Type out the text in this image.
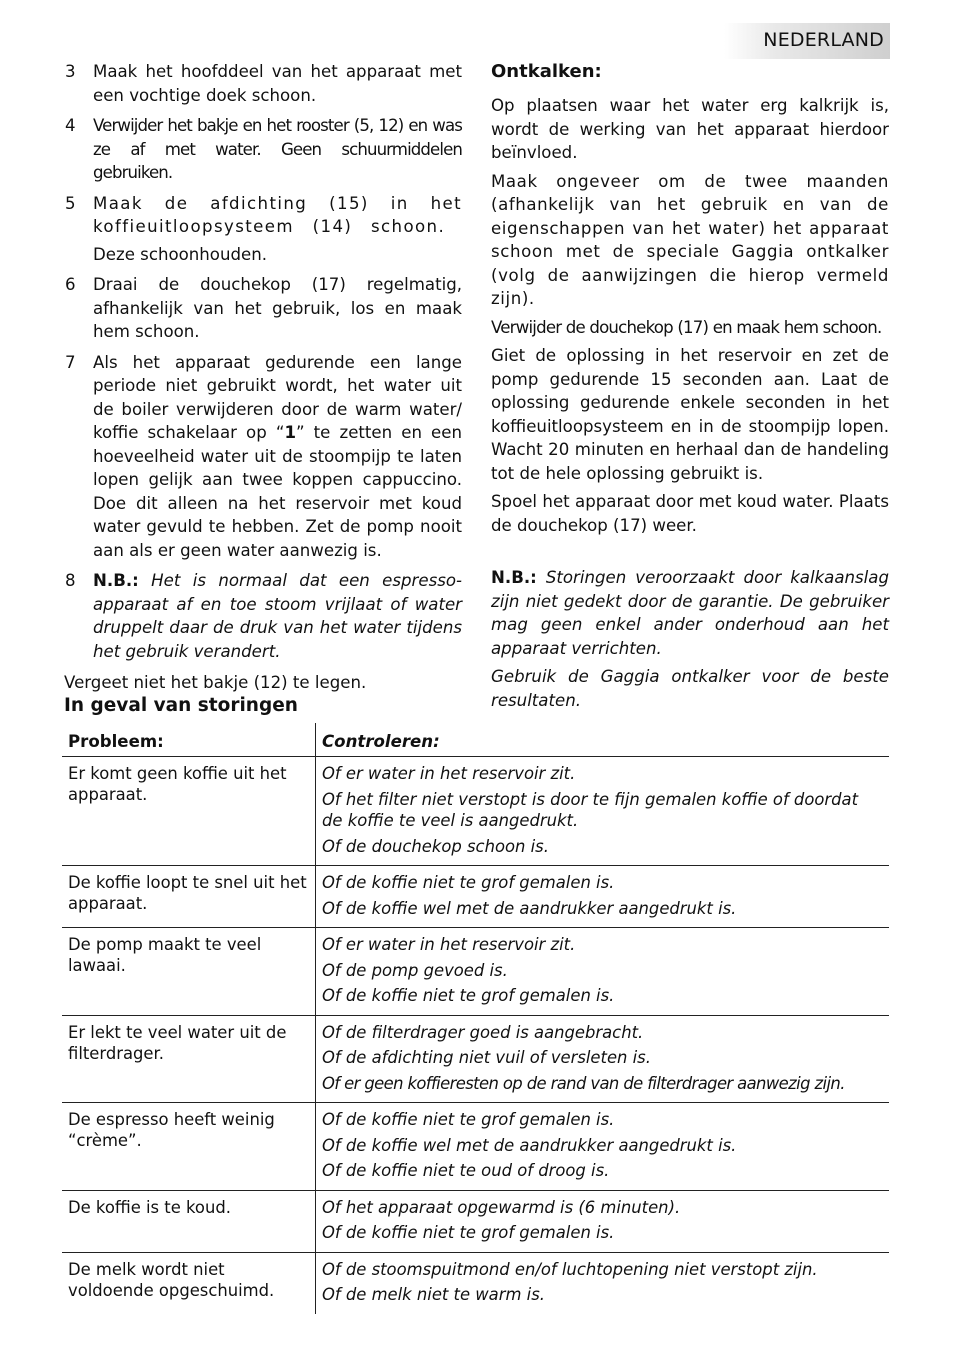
NEDERLAND
3 Maak het hoofddeel van het apparaat met een vochtige doek schoon.
4 Verwijder het bakje en het rooster (5, 12) en was ze af met water. Geen schuurmiddelen gebruiken.
5 Maak de afdichting (15) in het koffieuitloopsysteem (14) schoon.
Deze schoonhouden.
6 Draai de douchekop (17) regelmatig, afhankelijk van het gebruik, los en maak hem schoon.
7 Als het apparaat gedurende een lange periode niet gebruikt wordt, het water uit de boiler verwijderen door de warm water/ koffie schakelaar op “1” te zetten en een hoeveelheid water uit de stoompijp te laten lopen gelijk aan twee koppen cappuccino. Doe dit alleen na het reservoir met koud water gevuld te hebben. Zet de pomp nooit aan als er geen water aanwezig is.
8 N.B.: Het is normaal dat een espresso-apparaat af en toe stoom vrijlaat of water druppelt daar de druk van het water tijdens het gebruik verandert.
Vergeet niet het bakje (12) te legen.
Ontkalken:

Op plaatsen waar het water erg kalkrijk is, wordt de werking van het apparaat hierdoor beïnvloed.

Maak ongeveer om de twee maanden (afhankelijk van het gebruik en van de eigenschappen van het water) het apparaat schoon met de speciale Gaggia ontkalker (volg de aanwijzingen die hierop vermeld zijn).

Verwijder de douchekop (17) en maak hem schoon.

Giet de oplossing in het reservoir en zet de pomp gedurende 15 seconden aan. Laat de oplossing gedurende enkele seconden in het koffieuitloopsysteem en in de stoompijp lopen. Wacht 20 minuten en herhaal dan de handeling tot de hele oplossing gebruikt is.

Spoel het apparaat door met koud water. Plaats de douchekop (17) weer.

N.B.: Storingen veroorzaakt door kalkaanslag zijn niet gedekt door de garantie. De gebruiker mag geen enkel ander onderhoud aan het apparaat verrichten.

Gebruik de Gaggia ontkalker voor de beste resultaten.

In geval van storingen
Probleem:	Controleren:

Er komt geen koffie uit het apparaat.	Of er water in het reservoir zit.
Of het filter niet verstopt is door te fijn gemalen koffie of doordat de koffie te veel is aangedrukt.
Of de douchekop schoon is.

De koffie loopt te snel uit het apparaat.	Of de koffie niet te grof gemalen is.
Of de koffie wel met de aandrukker aangedrukt is.

De pomp maakt te veel lawaai.	Of er water in het reservoir zit.
Of de pomp gevoed is.
Of de koffie niet te grof gemalen is.

Er lekt te veel water uit de filterdrager.	Of de filterdrager goed is aangebracht.
Of de afdichting niet vuil of versleten is.
Of er geen koffieresten op de rand van de filterdrager aanwezig zijn.

De espresso heeft weinig “crème”.	Of de koffie niet te grof gemalen is.
Of de koffie wel met de aandrukker aangedrukt is.
Of de koffie niet te oud of droog is.

De koffie is te koud.	Of het apparaat opgewarmd is (6 minuten).
Of de koffie niet te grof gemalen is.

De melk wordt niet voldoende opgeschuimd.	Of de stoomspuitmond en/of luchtopening niet verstopt zijn.
Of de melk niet te warm is.
